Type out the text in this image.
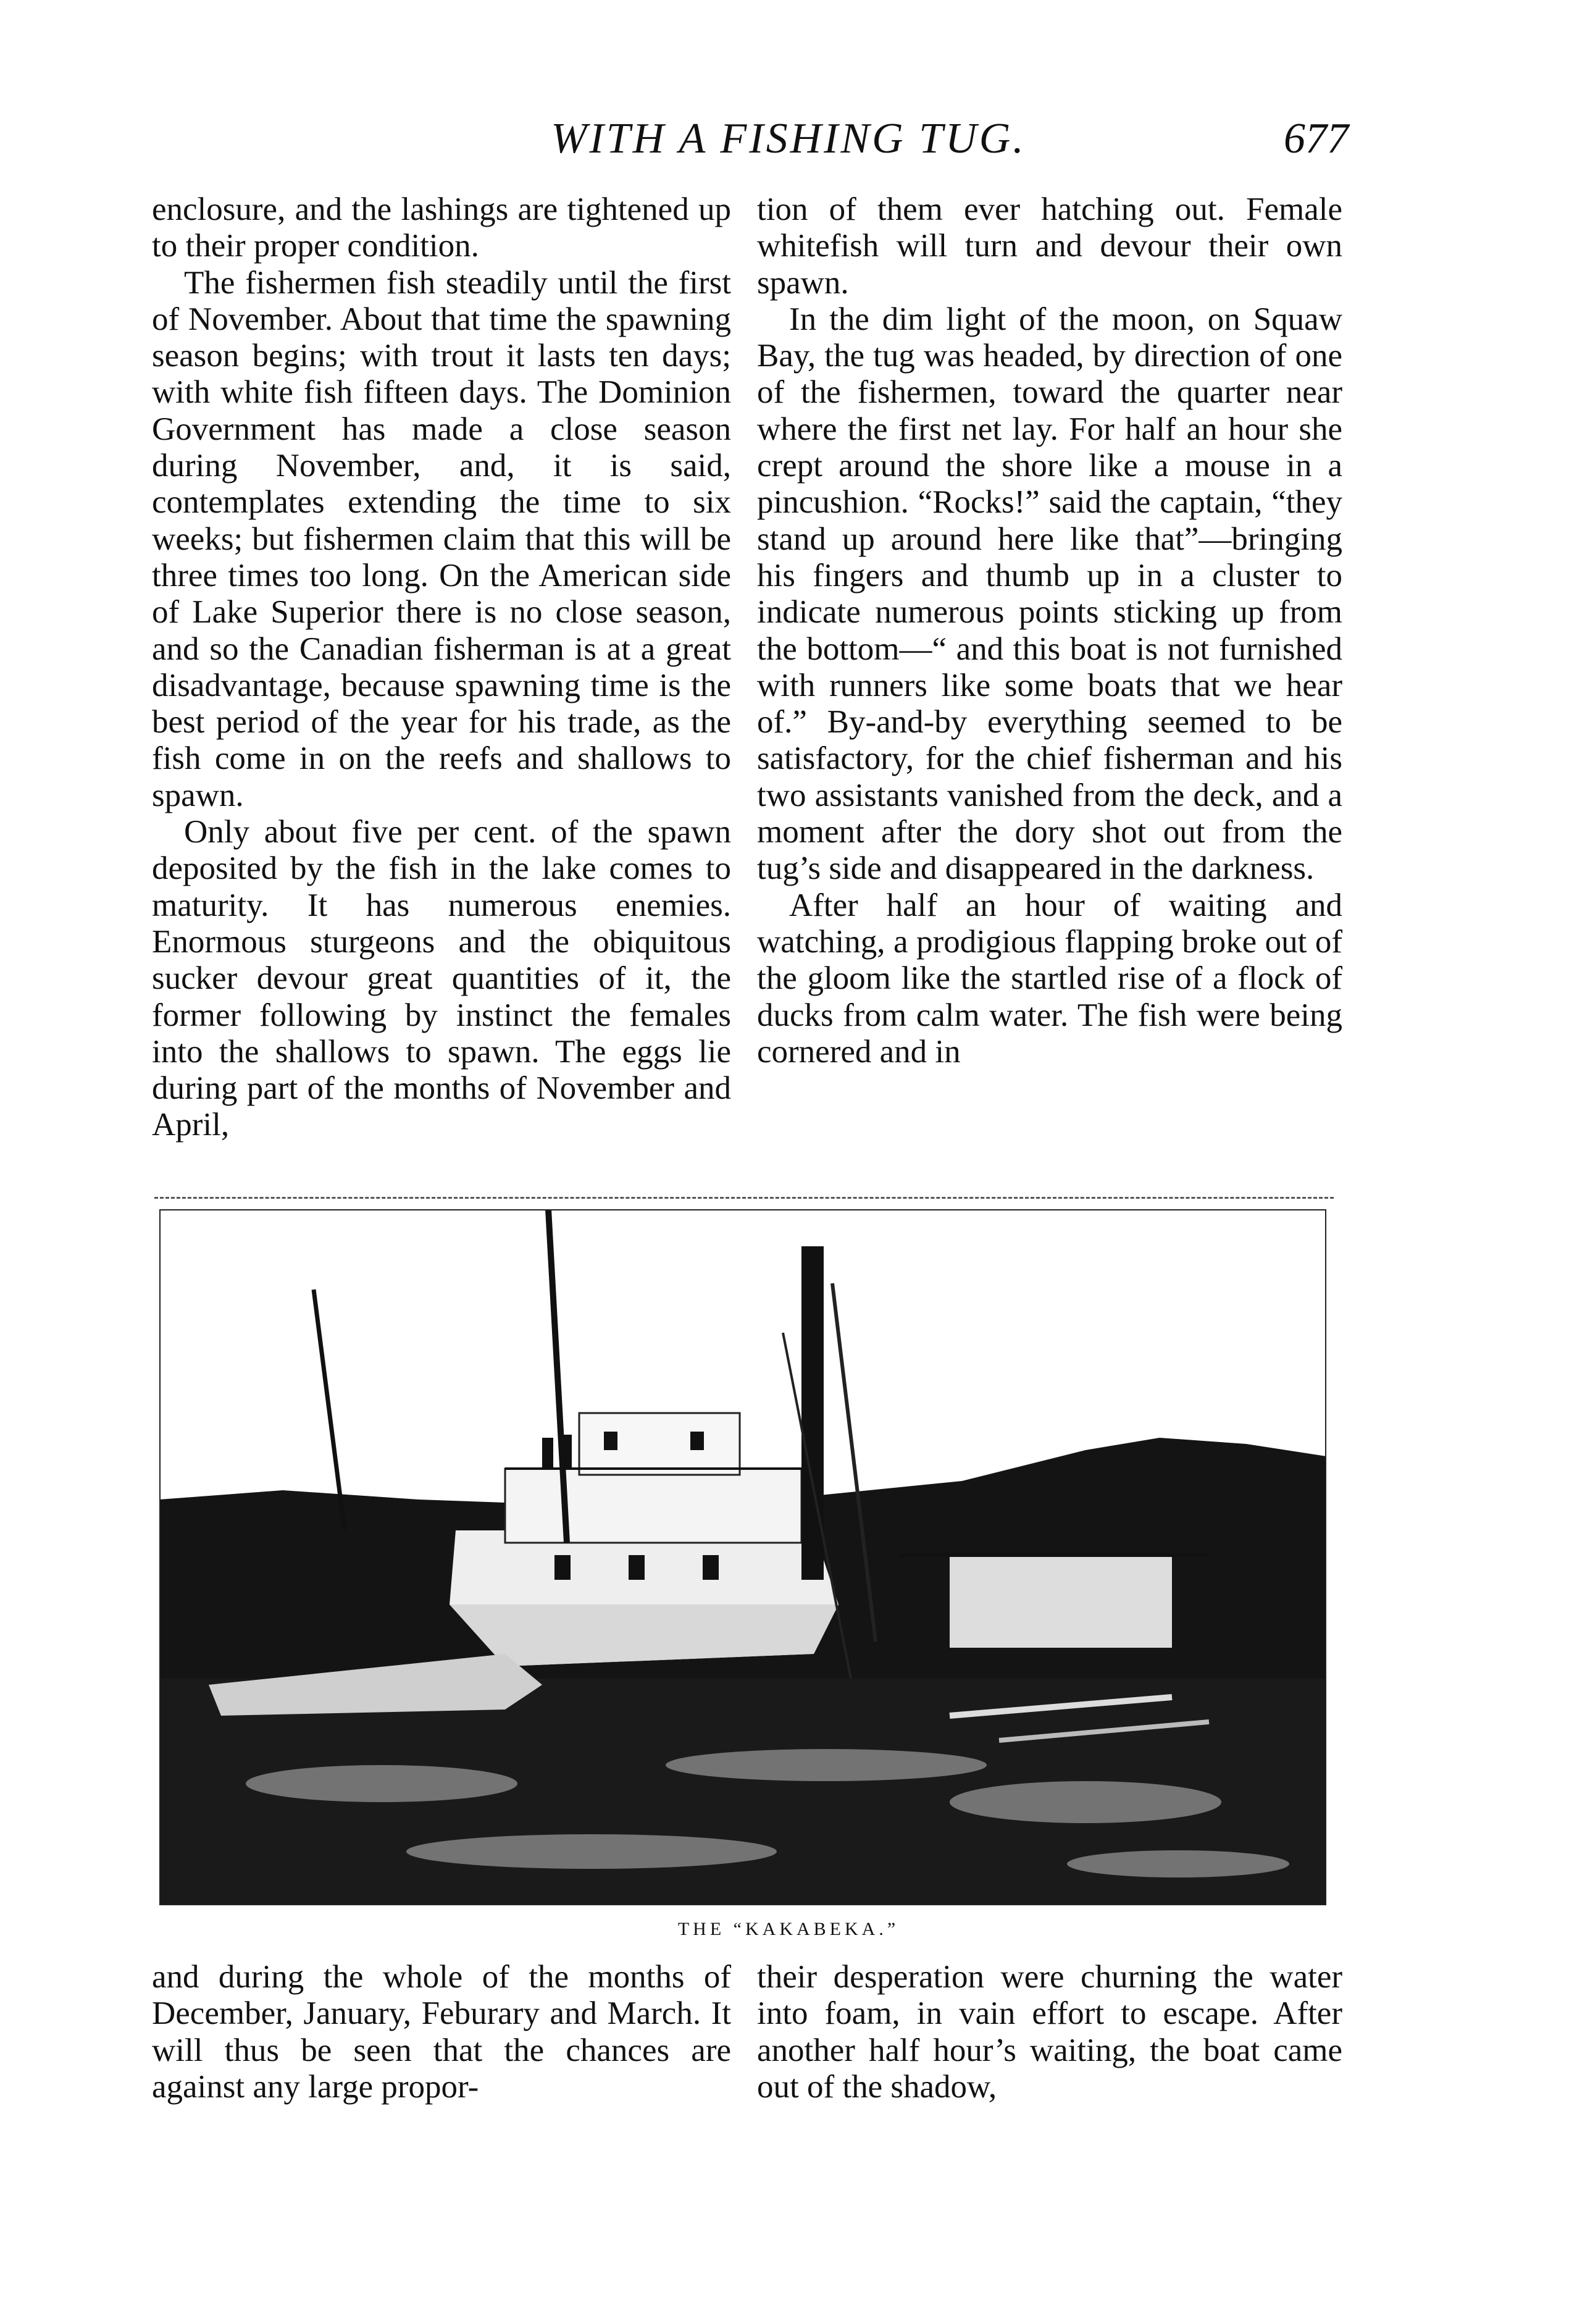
WITH A FISHING TUG.	677

enclosure, and the lashings are tightened up to their proper condition.

The fishermen fish steadily until the first of November. About that time the spawning season begins; with trout it lasts ten days; with white fish fifteen days. The Dominion Government has made a close season during November, and, it is said, contemplates extending the time to six weeks; but fishermen claim that this will be three times too long. On the American side of Lake Superior there is no close season, and so the Canadian fisherman is at a great disadvantage, because spawning time is the best period of the year for his trade, as the fish come in on the reefs and shallows to spawn.

Only about five per cent. of the spawn deposited by the fish in the lake comes to maturity. It has numerous enemies. Enormous sturgeons and the obiquitous sucker devour great quantities of it, the former following by instinct the females into the shallows to spawn. The eggs lie during part of the months of November and April,

tion of them ever hatching out. Female whitefish will turn and devour their own spawn.

In the dim light of the moon, on Squaw Bay, the tug was headed, by direction of one of the fishermen, toward the quarter near where the first net lay. For half an hour she crept around the shore like a mouse in a pincushion. “Rocks!” said the captain, “they stand up around here like that”—bringing his fingers and thumb up in a cluster to indicate numerous points sticking up from the bottom—“ and this boat is not furnished with runners like some boats that we hear of.” By-and-by everything seemed to be satisfactory, for the chief fisherman and his two assistants vanished from the deck, and a moment after the dory shot out from the tug’s side and disappeared in the darkness.

After half an hour of waiting and watching, a prodigious flapping broke out of the gloom like the startled rise of a flock of ducks from calm water. The fish were being cornered and in

THE “KAKABEKA.”

and during the whole of the months of December, January, Feburary and March. It will thus be seen that the chances are against any large propor-

their desperation were churning the water into foam, in vain effort to escape. After another half hour’s waiting, the boat came out of the shadow,
